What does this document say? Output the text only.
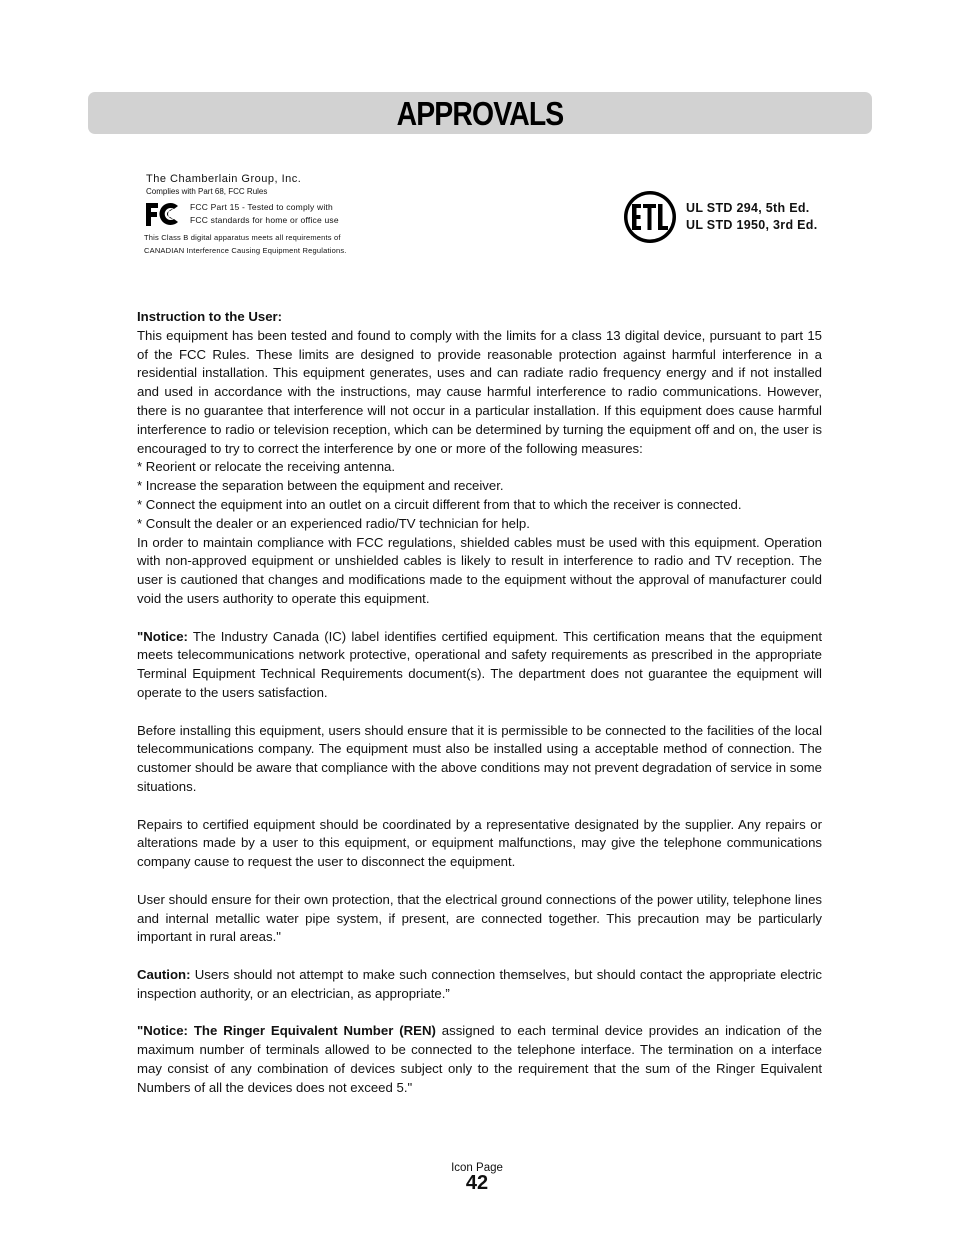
APPROVALS
The Chamberlain Group, Inc.
Complies with Part 68, FCC Rules
FCC Part 15 - Tested to comply with
FCC standards for home or office use
This Class B digital apparatus meets all requirements of
CANADIAN Interference Causing Equipment Regulations.
UL STD 294, 5th Ed.
UL STD 1950, 3rd Ed.

Instruction to the User:

This equipment has been tested and found to comply with the limits for a class 13 digital device, pursuant to part 15 of the FCC Rules. These limits are designed to provide reasonable protection against harmful interference in a residential installation. This equipment generates, uses and can radiate radio frequency energy and if not installed and used in accordance with the instructions, may cause harmful interference to radio communications. However, there is no guarantee that interference will not occur in a particular installation. If this equipment does cause harmful interference to radio or television reception, which can be determined by turning the equipment off and on, the user is encouraged to try to correct the interference by one or more of the following measures:

* Reorient or relocate the receiving antenna.

* Increase the separation between the equipment and receiver.

* Connect the equipment into an outlet on a circuit different from that to which the receiver is connected.

* Consult the dealer or an experienced radio/TV technician for help.

In order to maintain compliance with FCC regulations, shielded cables must be used with this equipment. Operation with non-approved equipment or unshielded cables is likely to result in interference to radio and TV reception. The user is cautioned that changes and modifications made to the equipment without the approval of manufacturer could void the users authority to operate this equipment.

"Notice: The Industry Canada (IC) label identifies certified equipment. This certification means that the equipment meets telecommunications network protective, operational and safety requirements as prescribed in the appropriate Terminal Equipment Technical Requirements document(s). The department does not guarantee the equipment will operate to the users satisfaction.

Before installing this equipment, users should ensure that it is permissible to be connected to the facilities of the local telecommunications company. The equipment must also be installed using a acceptable method of connection. The customer should be aware that compliance with the above conditions may not prevent degradation of service in some situations.

Repairs to certified equipment should be coordinated by a representative designated by the supplier. Any repairs or alterations made by a user to this equipment, or equipment malfunctions, may give the telephone communications company cause to request the user to disconnect the equipment.

User should ensure for their own protection, that the electrical ground connections of the power utility, telephone lines and internal metallic water pipe system, if present, are connected together. This precaution may be particularly important in rural areas."

Caution: Users should not attempt to make such connection themselves, but should contact the appropriate electric inspection authority, or an electrician, as appropriate.”

"Notice: The Ringer Equivalent Number (REN) assigned to each terminal device provides an indication of the maximum number of terminals allowed to be connected to the telephone interface. The termination on a interface may consist of any combination of devices subject only to the requirement that the sum of the Ringer Equivalent Numbers of all the devices does not exceed 5."

Icon Page
42
